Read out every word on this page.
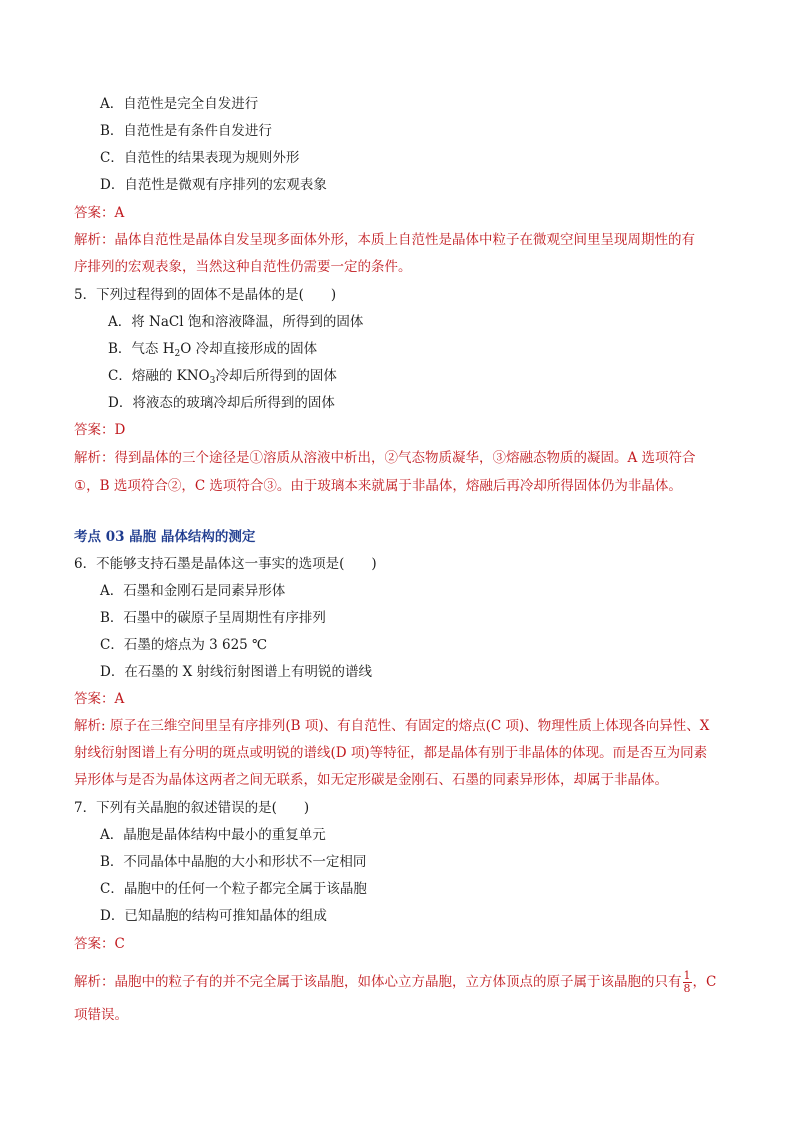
A．自范性是完全自发进行
B．自范性是有条件自发进行
C．自范性的结果表现为规则外形
D．自范性是微观有序排列的宏观表象
答案：A
解析：晶体自范性是晶体自发呈现多面体外形，本质上自范性是晶体中粒子在微观空间里呈现周期性的有
序排列的宏观表象，当然这种自范性仍需要一定的条件。
5．下列过程得到的固体不是晶体的是(　　)
A．将 NaCl 饱和溶液降温，所得到的固体
B．气态 $H_2O$ 冷却直接形成的固体
C．熔融的 $KNO_3$冷却后所得到的固体
D．将液态的玻璃冷却后所得到的固体
答案：D
解析：得到晶体的三个途径是①溶质从溶液中析出，②气态物质凝华，③熔融态物质的凝固。A 选项符合
①，B 选项符合②，C 选项符合③。由于玻璃本来就属于非晶体，熔融后再冷却所得固体仍为非晶体。
考点 03 晶胞 晶体结构的测定
6．不能够支持石墨是晶体这一事实的选项是(　　)
A．石墨和金刚石是同素异形体
B．石墨中的碳原子呈周期性有序排列
C．石墨的熔点为 3 625 ℃
D．在石墨的 X 射线衍射图谱上有明锐的谱线
答案：A
解析: 原子在三维空间里呈有序排列(B 项)、有自范性、有固定的熔点(C 项)、物理性质上体现各向异性、X
射线衍射图谱上有分明的斑点或明锐的谱线(D 项)等特征，都是晶体有别于非晶体的体现。而是否互为同素
异形体与是否为晶体这两者之间无联系，如无定形碳是金刚石、石墨的同素异形体，却属于非晶体。
7．下列有关晶胞的叙述错误的是(　　)
A．晶胞是晶体结构中最小的重复单元
B．不同晶体中晶胞的大小和形状不一定相同
C．晶胞中的任何一个粒子都完全属于该晶胞
D．已知晶胞的结构可推知晶体的组成
答案：C
解析：晶胞中的粒子有的并不完全属于该晶胞，如体心立方晶胞，立方体顶点的原子属于该晶胞的只有 $\frac{1}{8}$ ，C
项错误。
